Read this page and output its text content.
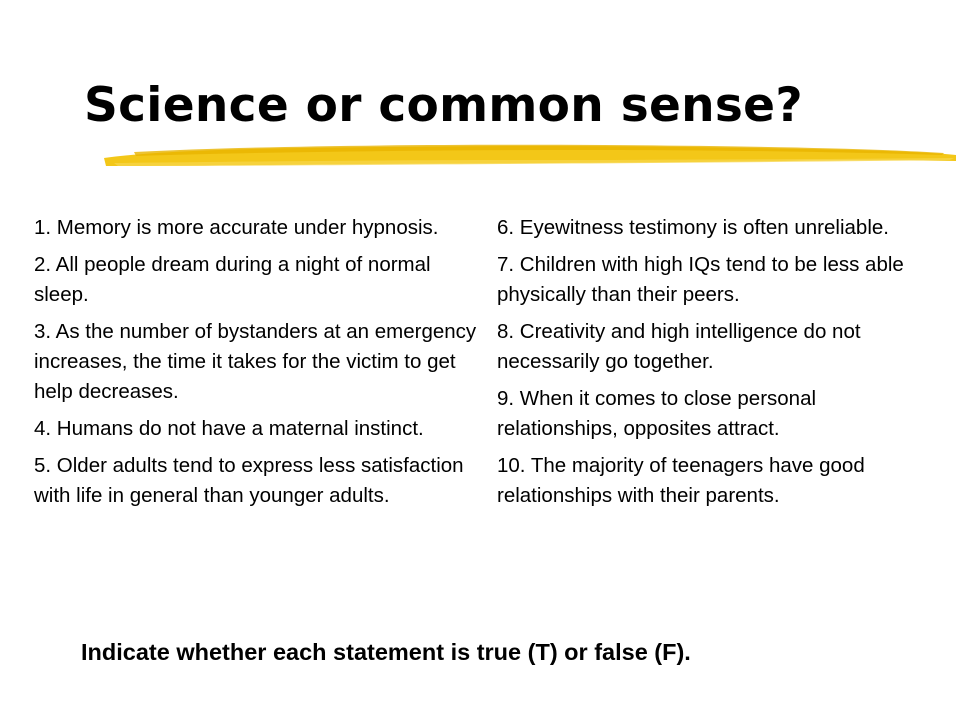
Science or common sense?

1. Memory is more accurate under hypnosis.

2. All people dream during a night of normal sleep.

3. As the number of bystanders at an emergency increases, the time it takes for the victim to get help decreases.

4. Humans do not have a maternal instinct.

5. Older adults tend to express less satisfaction with life in general than younger adults.

6. Eyewitness testimony is often unreliable.

7. Children with high IQs tend to be less able physically than their peers.

8. Creativity and high intelligence do not necessarily go together.

9. When it comes to close personal relationships, opposites attract.

10. The majority of teenagers have good relationships with their parents.

Indicate whether each statement is true (T) or false (F).
